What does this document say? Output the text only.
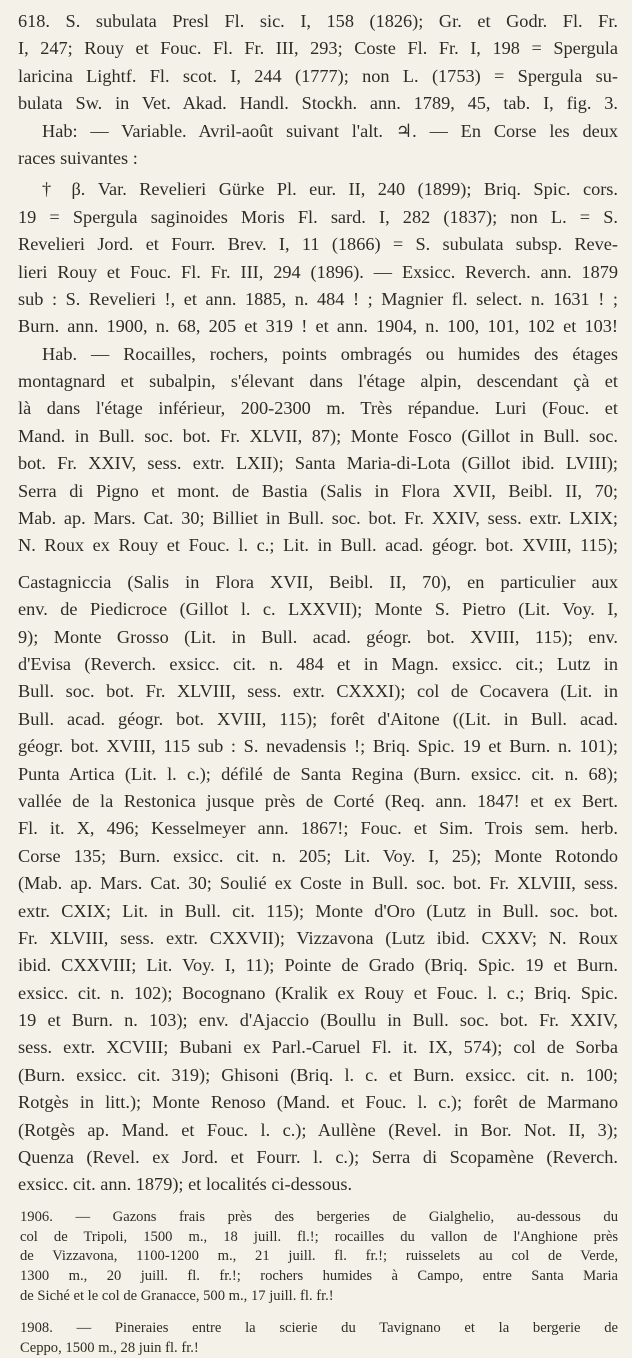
618. S. subulata Presl Fl. sic. I, 158 (1826); Gr. et Godr. Fl. Fr.
I, 247; Rouy et Fouc. Fl. Fr. III, 293; Coste Fl. Fr. I, 198 = Spergula
laricina Lightf. Fl. scot. I, 244 (1777); non L. (1753) = Spergula su-
bulata Sw. in Vet. Akad. Handl. Stockh. ann. 1789, 45, tab. I, fig. 3.
Hab: — Variable. Avril-août suivant l'alt. ♃. — En Corse les deux
races suivantes :
† β. Var. Revelieri Gürke Pl. eur. II, 240 (1899); Briq. Spic. cors.
19 = Spergula saginoides Moris Fl. sard. I, 282 (1837); non L. = S.
Revelieri Jord. et Fourr. Brev. I, 11 (1866) = S. subulata subsp. Reve-
lieri Rouy et Fouc. Fl. Fr. III, 294 (1896). — Exsicc. Reverch. ann. 1879
sub : S. Revelieri !, et ann. 1885, n. 484 ! ; Magnier fl. select. n. 1631 ! ;
Burn. ann. 1900, n. 68, 205 et 319 ! et ann. 1904, n. 100, 101, 102 et 103!
Hab. — Rocailles, rochers, points ombragés ou humides des étages
montagnard et subalpin, s'élevant dans l'étage alpin, descendant çà et
là dans l'étage inférieur, 200-2300 m. Très répandue. Luri (Fouc. et
Mand. in Bull. soc. bot. Fr. XLVII, 87); Monte Fosco (Gillot in Bull. soc.
bot. Fr. XXIV, sess. extr. LXII); Santa Maria-di-Lota (Gillot ibid. LVIII);
Serra di Pigno et mont. de Bastia (Salis in Flora XVII, Beibl. II, 70;
Mab. ap. Mars. Cat. 30; Billiet in Bull. soc. bot. Fr. XXIV, sess. extr. LXIX;
N. Roux ex Rouy et Fouc. l. c.; Lit. in Bull. acad. géogr. bot. XVIII, 115);
Castagniccia (Salis in Flora XVII, Beibl. II, 70), en particulier aux
env. de Piedicroce (Gillot l. c. LXXVII); Monte S. Pietro (Lit. Voy. I,
9); Monte Grosso (Lit. in Bull. acad. géogr. bot. XVIII, 115); env.
d'Evisa (Reverch. exsicc. cit. n. 484 et in Magn. exsicc. cit.; Lutz in
Bull. soc. bot. Fr. XLVIII, sess. extr. CXXXI); col de Cocavera (Lit. in
Bull. acad. géogr. bot. XVIII, 115); forêt d'Aitone ((Lit. in Bull. acad.
géogr. bot. XVIII, 115 sub : S. nevadensis !; Briq. Spic. 19 et Burn. n. 101);
Punta Artica (Lit. l. c.); défilé de Santa Regina (Burn. exsicc. cit. n. 68);
vallée de la Restonica jusque près de Corté (Req. ann. 1847! et ex Bert.
Fl. it. X, 496; Kesselmeyer ann. 1867!; Fouc. et Sim. Trois sem. herb.
Corse 135; Burn. exsicc. cit. n. 205; Lit. Voy. I, 25); Monte Rotondo
(Mab. ap. Mars. Cat. 30; Soulié ex Coste in Bull. soc. bot. Fr. XLVIII, sess.
extr. CXIX; Lit. in Bull. cit. 115); Monte d'Oro (Lutz in Bull. soc. bot.
Fr. XLVIII, sess. extr. CXXVII); Vizzavona (Lutz ibid. CXXV; N. Roux
ibid. CXXVIII; Lit. Voy. I, 11); Pointe de Grado (Briq. Spic. 19 et Burn.
exsicc. cit. n. 102); Bocognano (Kralik ex Rouy et Fouc. l. c.; Briq. Spic.
19 et Burn. n. 103); env. d'Ajaccio (Boullu in Bull. soc. bot. Fr. XXIV,
sess. extr. XCVIII; Bubani ex Parl.-Caruel Fl. it. IX, 574); col de Sorba
(Burn. exsicc. cit. 319); Ghisoni (Briq. l. c. et Burn. exsicc. cit. n. 100;
Rotgès in litt.); Monte Renoso (Mand. et Fouc. l. c.); forêt de Marmano
(Rotgès ap. Mand. et Fouc. l. c.); Aullène (Revel. in Bor. Not. II, 3);
Quenza (Revel. ex Jord. et Fourr. l. c.); Serra di Scopamène (Reverch.
exsicc. cit. ann. 1879); et localités ci-dessous.
1906. — Gazons frais près des bergeries de Gialghelio, au-dessous du
col de Tripoli, 1500 m., 18 juill. fl.!; rocailles du vallon de l'Anghione près
de Vizzavona, 1100-1200 m., 21 juill. fl. fr.!; ruisselets au col de Verde,
1300 m., 20 juill. fl. fr.!; rochers humides à Campo, entre Santa Maria
de Siché et le col de Granacce, 500 m., 17 juill. fl. fr.!
1908. — Pineraies entre la scierie du Tavignano et la bergerie de
Ceppo, 1500 m., 28 juin fl. fr.!
